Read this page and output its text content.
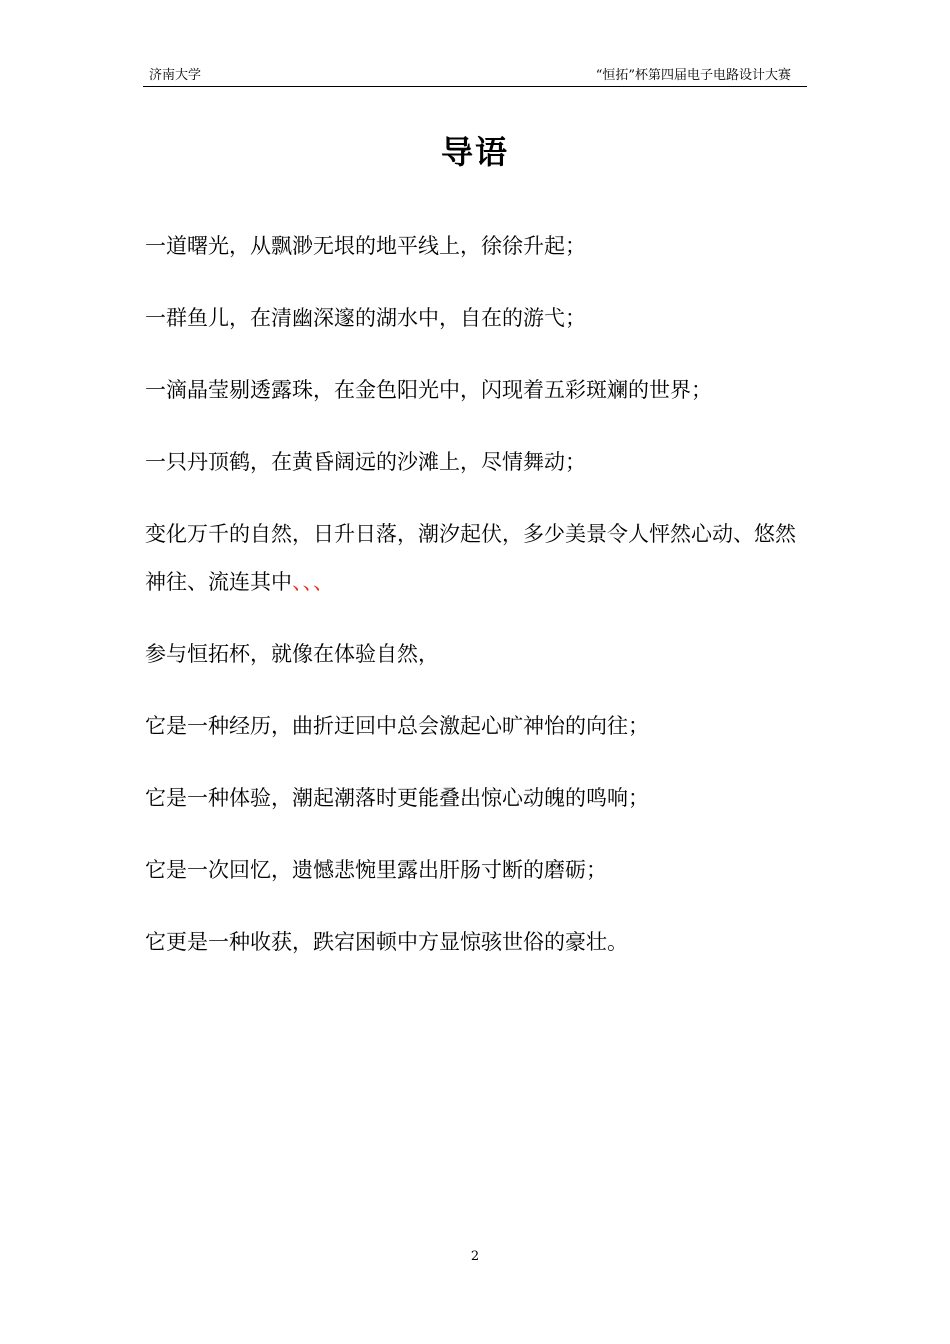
济南大学	“恒拓”杯第四届电子电路设计大赛
导语

一道曙光，从飘渺无垠的地平线上，徐徐升起；

一群鱼儿，在清幽深邃的湖水中，自在的游弋；

一滴晶莹剔透露珠，在金色阳光中，闪现着五彩斑斓的世界；

一只丹顶鹤，在黄昏阔远的沙滩上，尽情舞动；

变化万千的自然，日升日落，潮汐起伏，多少美景令人怦然心动、悠然神往、流连其中、、、

参与恒拓杯，就像在体验自然，

它是一种经历，曲折迂回中总会激起心旷神怡的向往；

它是一种体验，潮起潮落时更能叠出惊心动魄的鸣响；

它是一次回忆，遗憾悲惋里露出肝肠寸断的磨砺；

它更是一种收获，跌宕困顿中方显惊骇世俗的豪壮。

2
